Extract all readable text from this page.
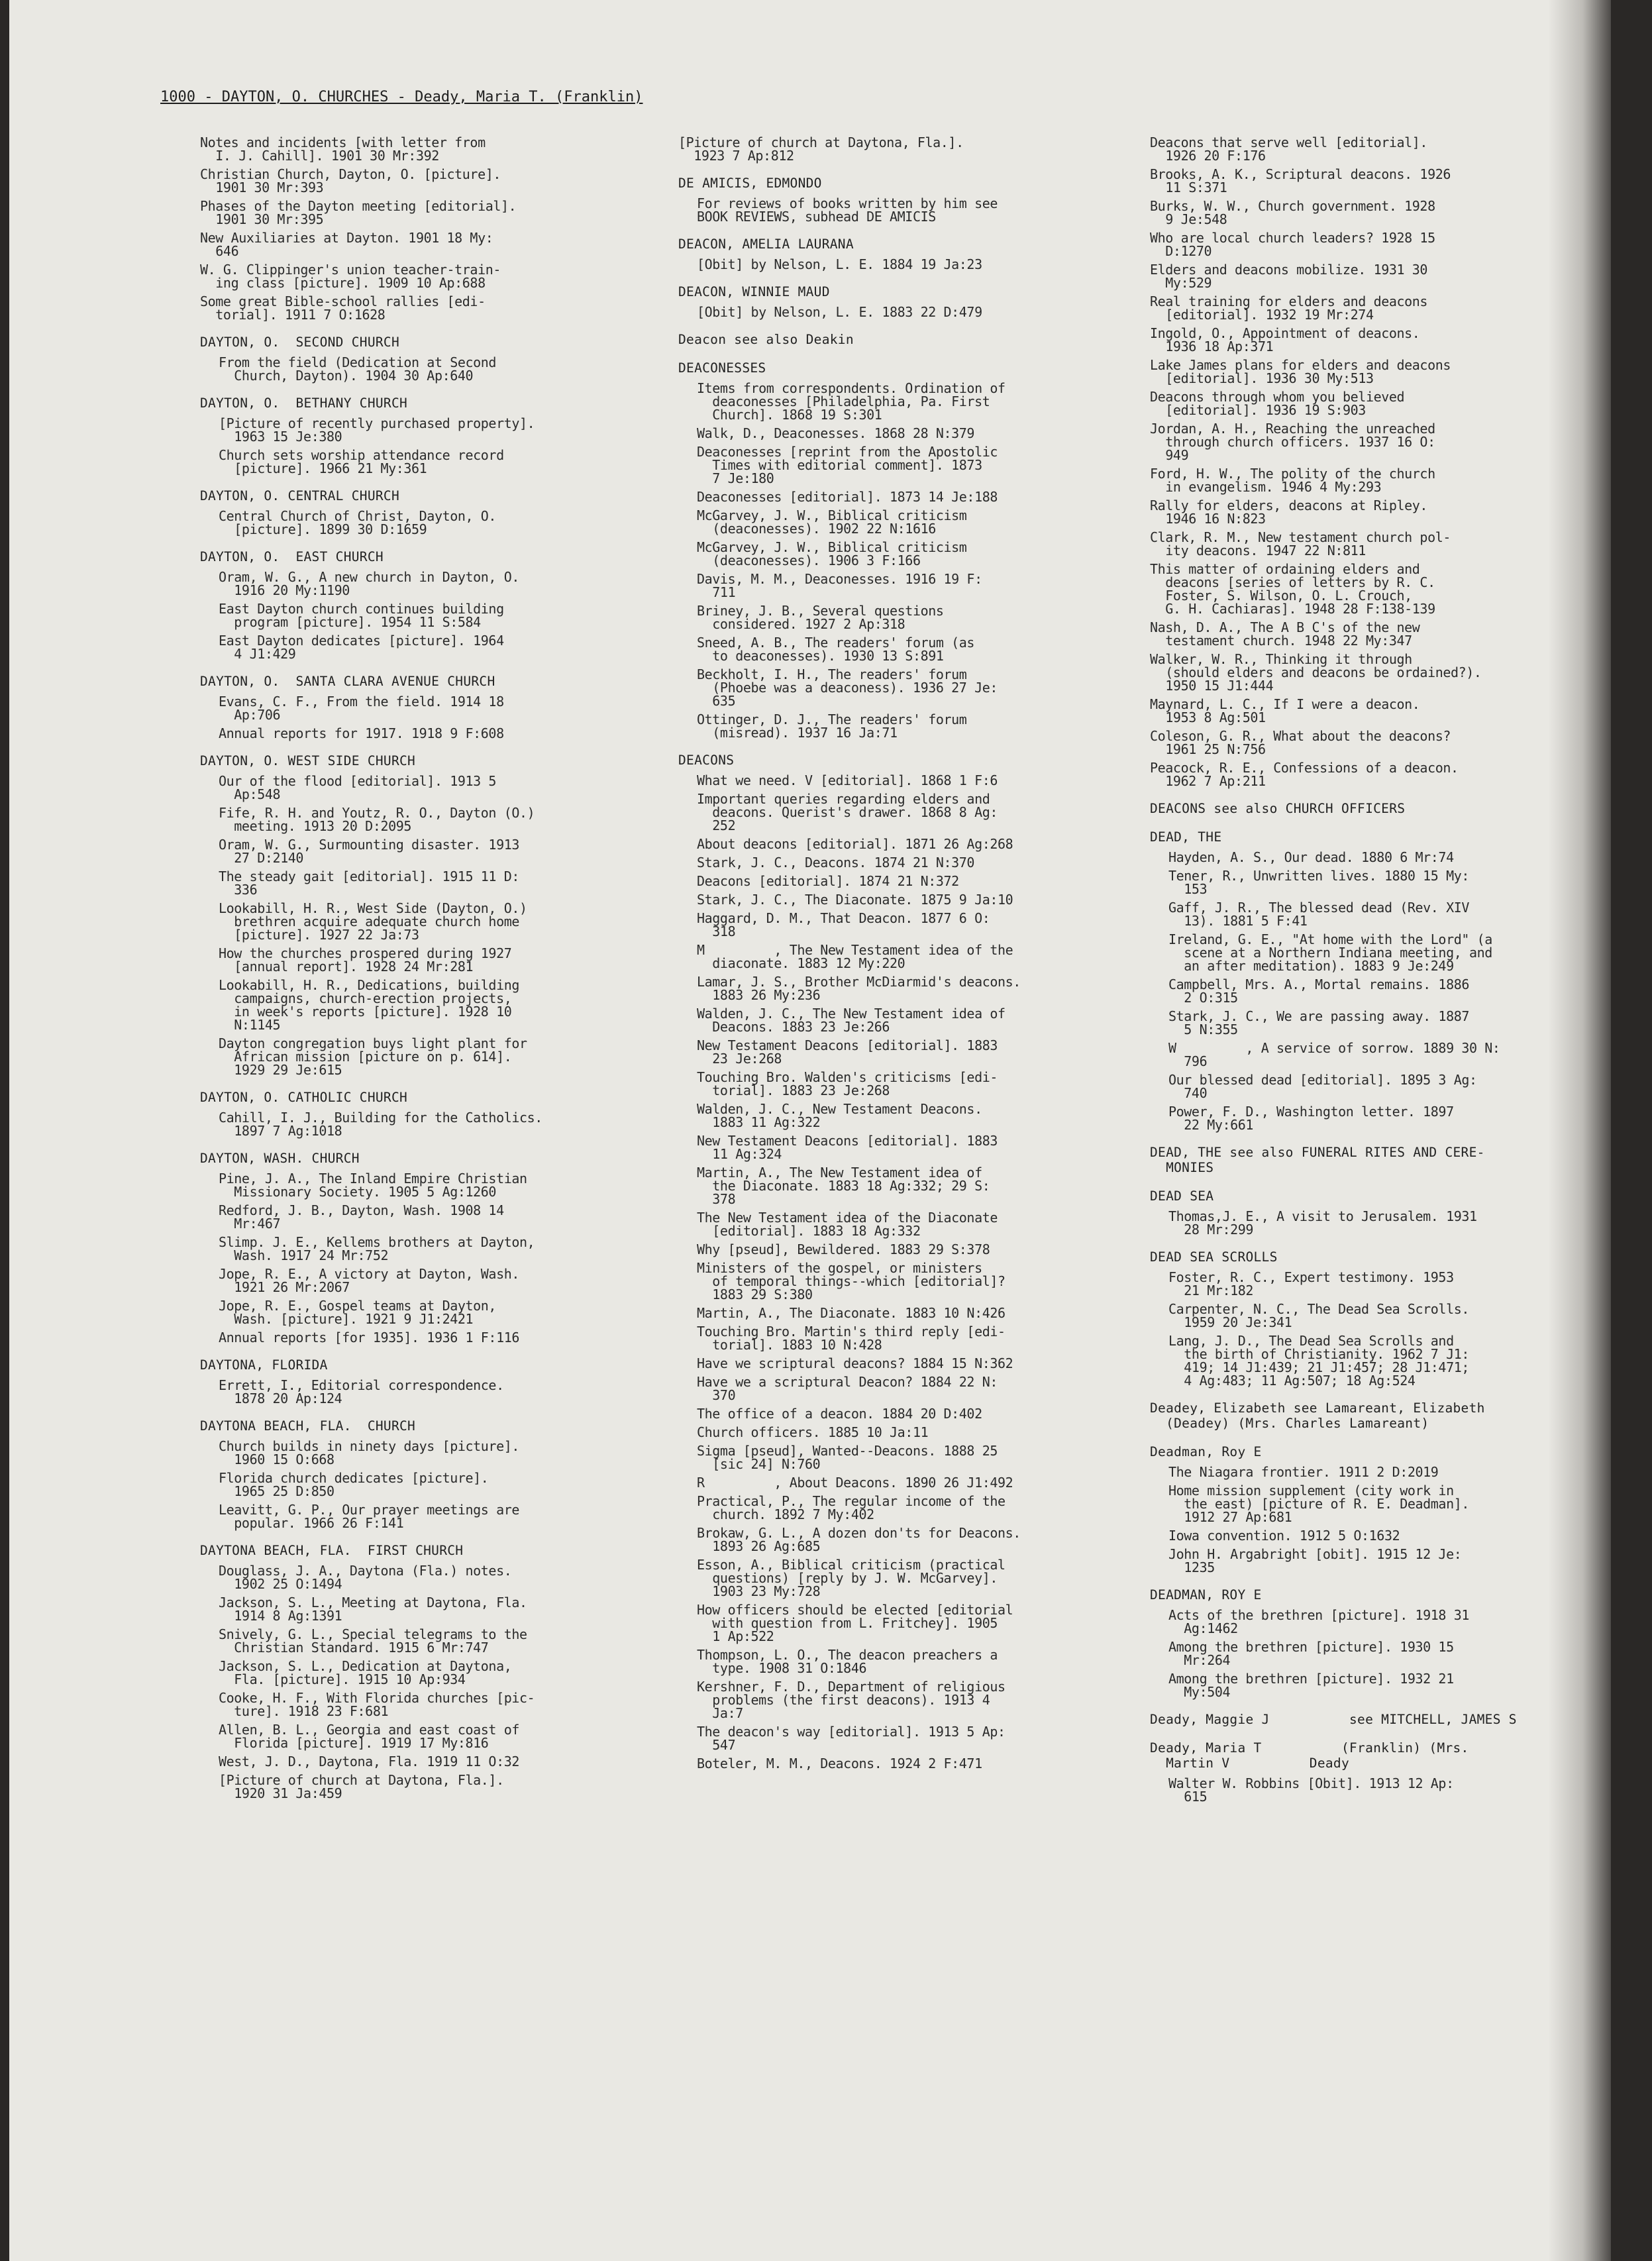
1000 - DAYTON, O. CHURCHES - Deady, Maria T. (Franklin)
Notes and incidents [with letter from
I. J. Cahill]. 1901 30 Mr:392
Christian Church, Dayton, O. [picture].
1901 30 Mr:393
Phases of the Dayton meeting [editorial].
1901 30 Mr:395
New Auxiliaries at Dayton. 1901 18 My:
646
W. G. Clippinger's union teacher-train-
ing class [picture]. 1909 10 Ap:688
Some great Bible-school rallies [edi-
torial]. 1911 7 O:1628
DAYTON, O.  SECOND CHURCH
From the field (Dedication at Second
Church, Dayton). 1904 30 Ap:640
DAYTON, O.  BETHANY CHURCH
[Picture of recently purchased property].
1963 15 Je:380
Church sets worship attendance record
[picture]. 1966 21 My:361
DAYTON, O. CENTRAL CHURCH
Central Church of Christ, Dayton, O.
[picture]. 1899 30 D:1659
DAYTON, O.  EAST CHURCH
Oram, W. G., A new church in Dayton, O.
1916 20 My:1190
East Dayton church continues building
program [picture]. 1954 11 S:584
East Dayton dedicates [picture]. 1964
4 J1:429
DAYTON, O.  SANTA CLARA AVENUE CHURCH
Evans, C. F., From the field. 1914 18
Ap:706
Annual reports for 1917. 1918 9 F:608
DAYTON, O. WEST SIDE CHURCH
Our of the flood [editorial]. 1913 5
Ap:548
Fife, R. H. and Youtz, R. O., Dayton (O.)
meeting. 1913 20 D:2095
Oram, W. G., Surmounting disaster. 1913
27 D:2140
The steady gait [editorial]. 1915 11 D:
336
Lookabill, H. R., West Side (Dayton, O.)
brethren acquire adequate church home
[picture]. 1927 22 Ja:73
How the churches prospered during 1927
[annual report]. 1928 24 Mr:281
Lookabill, H. R., Dedications, building
campaigns, church-erection projects,
in week's reports [picture]. 1928 10
N:1145
Dayton congregation buys light plant for
African mission [picture on p. 614].
1929 29 Je:615
DAYTON, O. CATHOLIC CHURCH
Cahill, I. J., Building for the Catholics.
1897 7 Ag:1018
DAYTON, WASH. CHURCH
Pine, J. A., The Inland Empire Christian
Missionary Society. 1905 5 Ag:1260
Redford, J. B., Dayton, Wash. 1908 14
Mr:467
Slimp. J. E., Kellems brothers at Dayton,
Wash. 1917 24 Mr:752
Jope, R. E., A victory at Dayton, Wash.
1921 26 Mr:2067
Jope, R. E., Gospel teams at Dayton,
Wash. [picture]. 1921 9 J1:2421
Annual reports [for 1935]. 1936 1 F:116
DAYTONA, FLORIDA
Errett, I., Editorial correspondence.
1878 20 Ap:124
DAYTONA BEACH, FLA.  CHURCH
Church builds in ninety days [picture].
1960 15 O:668
Florida church dedicates [picture].
1965 25 D:850
Leavitt, G. P., Our prayer meetings are
popular. 1966 26 F:141
DAYTONA BEACH, FLA.  FIRST CHURCH
Douglass, J. A., Daytona (Fla.) notes.
1902 25 O:1494
Jackson, S. L., Meeting at Daytona, Fla.
1914 8 Ag:1391
Snively, G. L., Special telegrams to the
Christian Standard. 1915 6 Mr:747
Jackson, S. L., Dedication at Daytona,
Fla. [picture]. 1915 10 Ap:934
Cooke, H. F., With Florida churches [pic-
ture]. 1918 23 F:681
Allen, B. L., Georgia and east coast of
Florida [picture]. 1919 17 My:816
West, J. D., Daytona, Fla. 1919 11 O:32
[Picture of church at Daytona, Fla.].
1920 31 Ja:459
[Picture of church at Daytona, Fla.].
1923 7 Ap:812
DE AMICIS, EDMONDO
For reviews of books written by him see
BOOK REVIEWS, subhead DE AMICIS
DEACON, AMELIA LAURANA
[Obit] by Nelson, L. E. 1884 19 Ja:23
DEACON, WINNIE MAUD
[Obit] by Nelson, L. E. 1883 22 D:479
Deacon see also Deakin
DEACONESSES
Items from correspondents. Ordination of
deaconesses [Philadelphia, Pa. First
Church]. 1868 19 S:301
Walk, D., Deaconesses. 1868 28 N:379
Deaconesses [reprint from the Apostolic
Times with editorial comment]. 1873
7 Je:180
Deaconesses [editorial]. 1873 14 Je:188
McGarvey, J. W., Biblical criticism
(deaconesses). 1902 22 N:1616
McGarvey, J. W., Biblical criticism
(deaconesses). 1906 3 F:166
Davis, M. M., Deaconesses. 1916 19 F:
711
Briney, J. B., Several questions
considered. 1927 2 Ap:318
Sneed, A. B., The readers' forum (as
to deaconesses). 1930 13 S:891
Beckholt, I. H., The readers' forum
(Phoebe was a deaconess). 1936 27 Je:
635
Ottinger, D. J., The readers' forum
(misread). 1937 16 Ja:71
DEACONS
What we need. V [editorial]. 1868 1 F:6
Important queries regarding elders and
deacons. Querist's drawer. 1868 8 Ag:
252
About deacons [editorial]. 1871 26 Ag:268
Stark, J. C., Deacons. 1874 21 N:370
Deacons [editorial]. 1874 21 N:372
Stark, J. C., The Diaconate. 1875 9 Ja:10
Haggard, D. M., That Deacon. 1877 6 O:
318
M         , The New Testament idea of the
diaconate. 1883 12 My:220
Lamar, J. S., Brother McDiarmid's deacons.
1883 26 My:236
Walden, J. C., The New Testament idea of
Deacons. 1883 23 Je:266
New Testament Deacons [editorial]. 1883
23 Je:268
Touching Bro. Walden's criticisms [edi-
torial]. 1883 23 Je:268
Walden, J. C., New Testament Deacons.
1883 11 Ag:322
New Testament Deacons [editorial]. 1883
11 Ag:324
Martin, A., The New Testament idea of
the Diaconate. 1883 18 Ag:332; 29 S:
378
The New Testament idea of the Diaconate
[editorial]. 1883 18 Ag:332
Why [pseud], Bewildered. 1883 29 S:378
Ministers of the gospel, or ministers
of temporal things--which [editorial]?
1883 29 S:380
Martin, A., The Diaconate. 1883 10 N:426
Touching Bro. Martin's third reply [edi-
torial]. 1883 10 N:428
Have we scriptural deacons? 1884 15 N:362
Have we a scriptural Deacon? 1884 22 N:
370
The office of a deacon. 1884 20 D:402
Church officers. 1885 10 Ja:11
Sigma [pseud], Wanted--Deacons. 1888 25
[sic 24] N:760
R         , About Deacons. 1890 26 J1:492
Practical, P., The regular income of the
church. 1892 7 My:402
Brokaw, G. L., A dozen don'ts for Deacons.
1893 26 Ag:685
Esson, A., Biblical criticism (practical
questions) [reply by J. W. McGarvey].
1903 23 My:728
How officers should be elected [editorial
with question from L. Fritchey]. 1905
1 Ap:522
Thompson, L. O., The deacon preachers a
type. 1908 31 O:1846
Kershner, F. D., Department of religious
problems (the first deacons). 1913 4
Ja:7
The deacon's way [editorial]. 1913 5 Ap:
547
Boteler, M. M., Deacons. 1924 2 F:471
Deacons that serve well [editorial].
1926 20 F:176
Brooks, A. K., Scriptural deacons. 1926
11 S:371
Burks, W. W., Church government. 1928
9 Je:548
Who are local church leaders? 1928 15
D:1270
Elders and deacons mobilize. 1931 30
My:529
Real training for elders and deacons
[editorial]. 1932 19 Mr:274
Ingold, O., Appointment of deacons.
1936 18 Ap:371
Lake James plans for elders and deacons
[editorial]. 1936 30 My:513
Deacons through whom you believed
[editorial]. 1936 19 S:903
Jordan, A. H., Reaching the unreached
through church officers. 1937 16 O:
949
Ford, H. W., The polity of the church
in evangelism. 1946 4 My:293
Rally for elders, deacons at Ripley.
1946 16 N:823
Clark, R. M., New testament church pol-
ity deacons. 1947 22 N:811
This matter of ordaining elders and
deacons [series of letters by R. C.
Foster, S. Wilson, O. L. Crouch,
G. H. Cachiaras]. 1948 28 F:138-139
Nash, D. A., The A B C's of the new
testament church. 1948 22 My:347
Walker, W. R., Thinking it through
(should elders and deacons be ordained?).
1950 15 J1:444
Maynard, L. C., If I were a deacon.
1953 8 Ag:501
Coleson, G. R., What about the deacons?
1961 25 N:756
Peacock, R. E., Confessions of a deacon.
1962 7 Ap:211
DEACONS see also CHURCH OFFICERS
DEAD, THE
Hayden, A. S., Our dead. 1880 6 Mr:74
Tener, R., Unwritten lives. 1880 15 My:
153
Gaff, J. R., The blessed dead (Rev. XIV
13). 1881 5 F:41
Ireland, G. E., "At home with the Lord" (a
scene at a Northern Indiana meeting, and
an after meditation). 1883 9 Je:249
Campbell, Mrs. A., Mortal remains. 1886
2 O:315
Stark, J. C., We are passing away. 1887
5 N:355
W         , A service of sorrow. 1889 30 N:
796
Our blessed dead [editorial]. 1895 3 Ag:
740
Power, F. D., Washington letter. 1897
22 My:661
DEAD, THE see also FUNERAL RITES AND CERE-
MONIES
DEAD SEA
Thomas,J. E., A visit to Jerusalem. 1931
28 Mr:299
DEAD SEA SCROLLS
Foster, R. C., Expert testimony. 1953
21 Mr:182
Carpenter, N. C., The Dead Sea Scrolls.
1959 20 Je:341
Lang, J. D., The Dead Sea Scrolls and
the birth of Christianity. 1962 7 J1:
419; 14 J1:439; 21 J1:457; 28 J1:471;
4 Ag:483; 11 Ag:507; 18 Ag:524
Deadey, Elizabeth see Lamareant, Elizabeth
(Deadey) (Mrs. Charles Lamareant)
Deadman, Roy E
The Niagara frontier. 1911 2 D:2019
Home mission supplement (city work in
the east) [picture of R. E. Deadman].
1912 27 Ap:681
Iowa convention. 1912 5 O:1632
John H. Argabright [obit]. 1915 12 Je:
1235
DEADMAN, ROY E
Acts of the brethren [picture]. 1918 31
Ag:1462
Among the brethren [picture]. 1930 15
Mr:264
Among the brethren [picture]. 1932 21
My:504
Deady, Maggie J          see MITCHELL, JAMES S
Deady, Maria T          (Franklin) (Mrs.
Martin V          Deady
Walter W. Robbins [Obit]. 1913 12 Ap:
615
